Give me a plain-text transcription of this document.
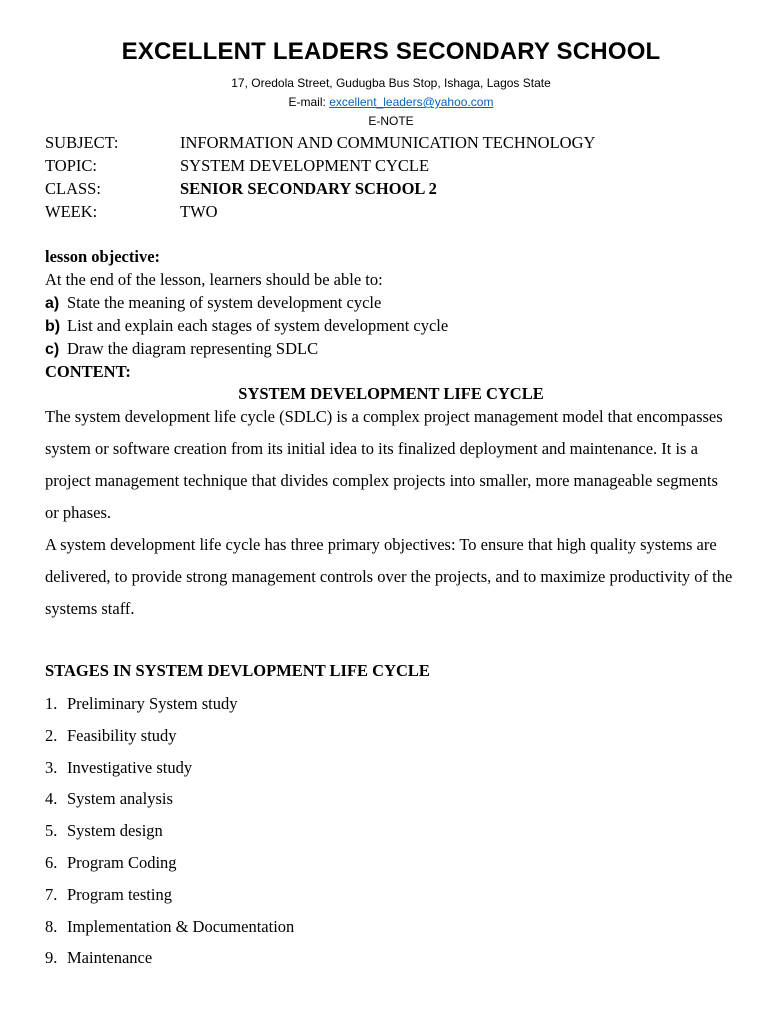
EXCELLENT LEADERS SECONDARY SCHOOL
17, Oredola Street, Gudugba Bus Stop, Ishaga, Lagos State
E-mail: excellent_leaders@yahoo.com
E-NOTE
SUBJECT:	INFORMATION AND COMMUNICATION TECHNOLOGY
TOPIC:	SYSTEM DEVELOPMENT CYCLE
CLASS:	SENIOR SECONDARY SCHOOL 2
WEEK:	TWO
lesson objective:
At the end of the lesson, learners should be able to:
a) State the meaning of system development cycle
b) List and explain each stages of system development cycle
c) Draw the diagram representing SDLC
CONTENT:
SYSTEM DEVELOPMENT LIFE CYCLE
The system development life cycle (SDLC) is a complex project management model that encompasses system or software creation from its initial idea to its finalized deployment and maintenance. It is a project management technique that divides complex projects into smaller, more manageable segments or phases.
A system development life cycle has three primary objectives: To ensure that high quality systems are delivered, to provide strong management controls over the projects, and to maximize productivity of the systems staff.
STAGES IN SYSTEM DEVLOPMENT LIFE CYCLE
1. Preliminary System study
2. Feasibility study
3. Investigative study
4. System analysis
5. System design
6. Program Coding
7. Program testing
8. Implementation & Documentation
9. Maintenance
